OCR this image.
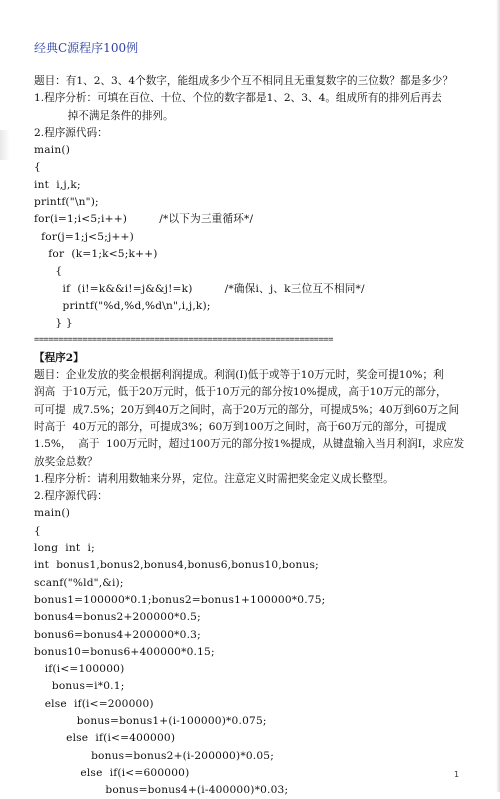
经典C源程序100例
题目：有1、2、3、4个数字，能组成多少个互不相同且无重复数字的三位数？都是多少？
1.程序分析：可填在百位、十位、个位的数字都是1、2、3、4。组成所有的排列后再去
掉不满足条件的排列。
2.程序源代码：
main()
{
int  i,j,k;
printf("\n");
for(i=1;i<5;i++)         /*以下为三重循环*/
for(j=1;j<5;j++)
for  (k=1;k<5;k++)
{
if  (i!=k&&i!=j&&j!=k)         /*确保i、j、k三位互不相同*/
printf("%d,%d,%d\n",i,j,k);
} }
==============================================================
【程序2】
题目：企业发放的奖金根据利润提成。利润(I)低于或等于10万元时，奖金可提10%；利
润高  于10万元，低于20万元时，低于10万元的部分按10%提成，高于10万元的部分，
可可提  成7.5%；20万到40万之间时，高于20万元的部分，可提成5%；40万到60万之间
时高于  40万元的部分，可提成3%；60万到100万之间时，高于60万元的部分，可提成
1.5%，  高于  100万元时，超过100万元的部分按1%提成，从键盘输入当月利润I，求应发
放奖金总数？
1.程序分析：请利用数轴来分界，定位。注意定义时需把奖金定义成长整型。
2.程序源代码：
main()
{
long  int  i;
int  bonus1,bonus2,bonus4,bonus6,bonus10,bonus;
scanf("%ld",&i);
bonus1=100000*0.1;bonus2=bonus1+100000*0.75;
bonus4=bonus2+200000*0.5;
bonus6=bonus4+200000*0.3;
bonus10=bonus6+400000*0.15;
if(i<=100000)
bonus=i*0.1;
else  if(i<=200000)
bonus=bonus1+(i-100000)*0.075;
else  if(i<=400000)
bonus=bonus2+(i-200000)*0.05;
else  if(i<=600000)
bonus=bonus4+(i-400000)*0.03;
1
